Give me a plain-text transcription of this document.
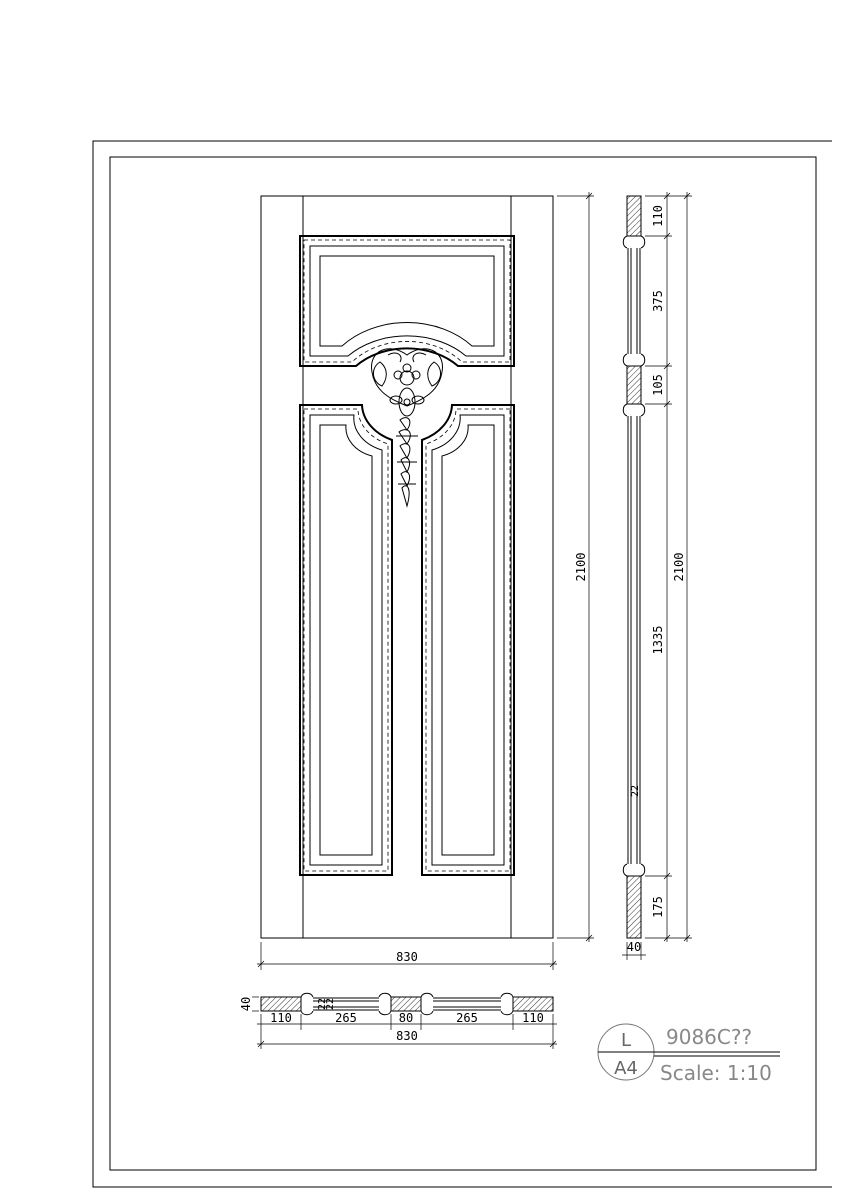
830
2100
110
375
105
1335
175
2100
22
40
40	22
22
110	265	80	265	110
830	L
A4
9086C??
Scale: 1:10
